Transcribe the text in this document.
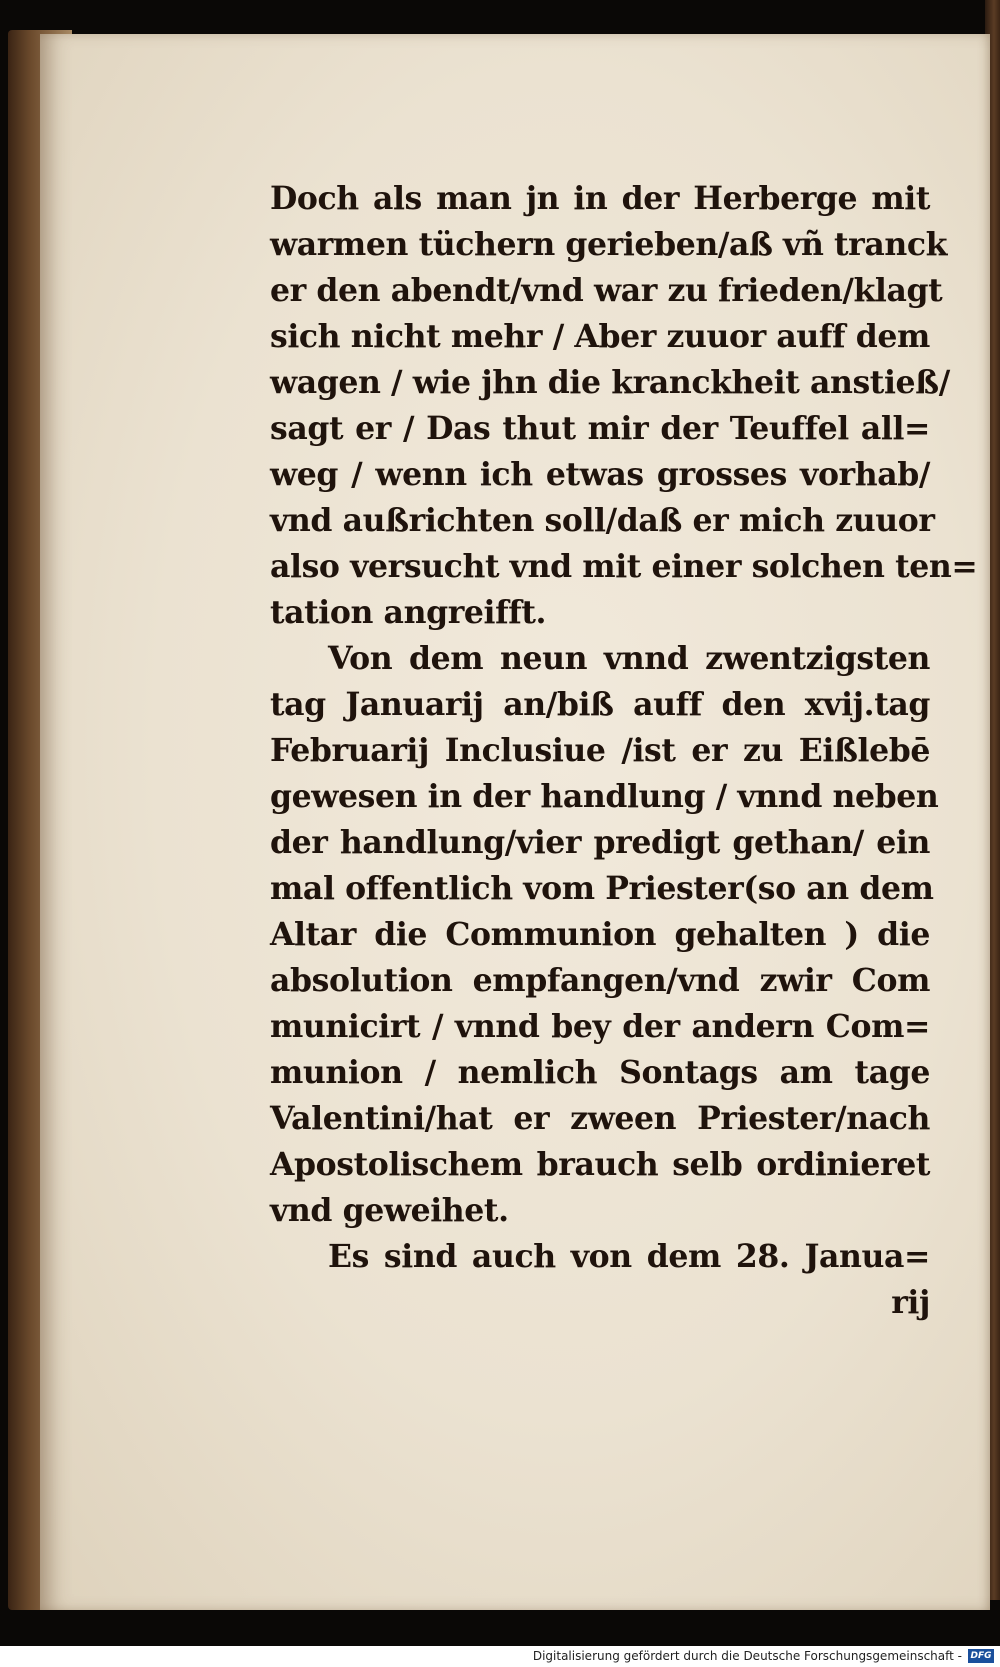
Doch als man jn in der Herberge mit
warmen tüchern gerieben/aß vñ tranck
er den abendt/vnd war zu frieden/klagt
sich nicht mehr / Aber zuuor auff dem
wagen / wie jhn die kranckheit anstieß/
sagt er / Das thut mir der Teuffel all=
weg / wenn ich etwas grosses vorhab/
vnd außrichten soll/daß er mich zuuor
also versucht vnd mit einer solchen ten=
tation angreifft.
Von dem neun vnnd zwentzigsten
tag Januarij an/biß auff den xvij.tag
Februarij Inclusiue /ist er zu Eißlebē
gewesen in der handlung / vnnd neben
der handlung/vier predigt gethan/ ein
mal offentlich vom Priester(so an dem
Altar die Communion gehalten ) die
absolution empfangen/vnd zwir Com
municirt / vnnd bey der andern Com=
munion / nemlich Sontags am tage
Valentini/hat er zween Priester/nach
Apostolischem brauch selb ordinieret
vnd geweihet.
Es sind auch von dem 28. Janua=
rij
Digitalisierung gefördert durch die Deutsche Forschungsgemeinschaft - DFG
